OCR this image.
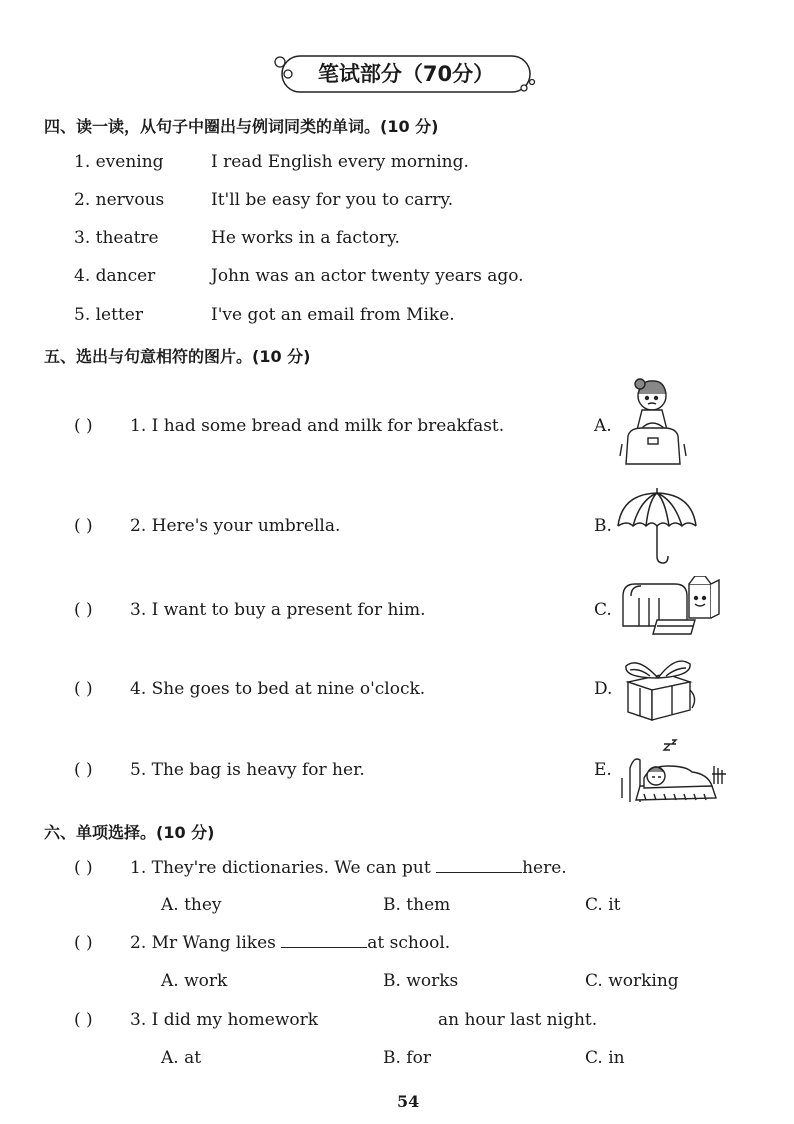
笔试部分（70分）
四、读一读，从句子中圈出与例词同类的单词。(10 分)
1. evening	I read English every morning.
2. nervous	It'll be easy for you to carry.
3. theatre	He works in a factory.
4. dancer	John was an actor twenty years ago.
5. letter	I've got an email from Mike.
五、选出与句意相符的图片。(10 分)
( ) 1. I had some bread and milk for breakfast.	A.
( ) 2. Here's your umbrella.	B.
( ) 3. I want to buy a present for him.	C.
( ) 4. She goes to bed at nine o'clock.	D.
( ) 5. The bag is heavy for her.	E.
六、单项选择。(10 分)
( ) 1. They're dictionaries. We can put	here.
A. they	B. them	C. it
( ) 2. Mr Wang likes	at school.
A. work	B. works	C. working
( ) 3. I did my homework	an hour last night.
A. at	B. for	C. in
54
